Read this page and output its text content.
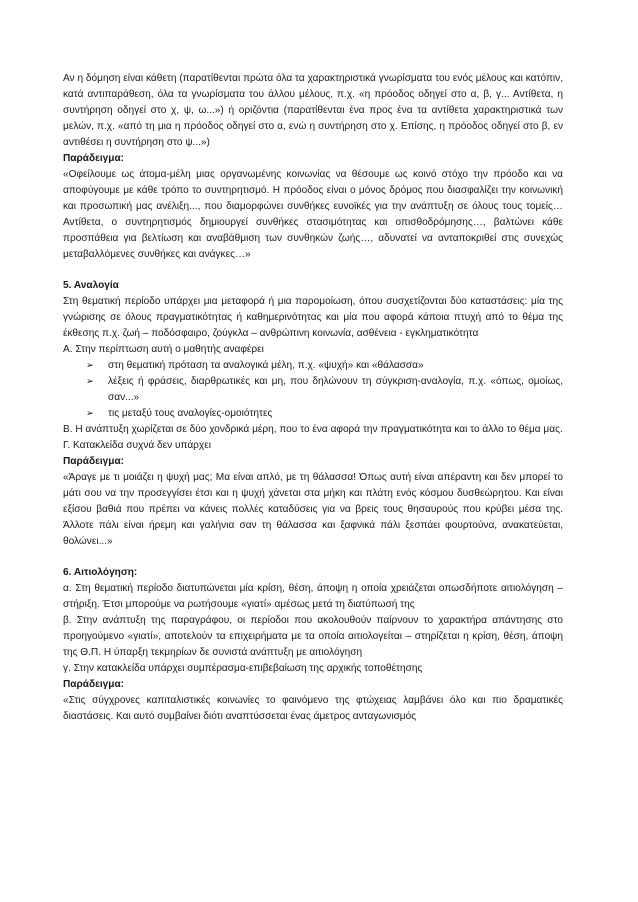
Αν η δόμηση είναι κάθετη (παρατίθενται πρώτα όλα τα χαρακτηριστικά γνωρίσματα του ενός μέλους και κατόπιν, κατά αντιπαράθεση, όλα τα γνωρίσματα του άλλου μέλους, π.χ. «η πρόοδος οδηγεί στο α, β, γ... Αντίθετα, η συντήρηση οδηγεί στο χ, ψ, ω...») ή οριζόντια (παρατίθενται ένα προς ένα τα αντίθετα χαρακτηριστικά των μελών, π.χ. «από τη μια η πρόοδος οδηγεί στο α, ενώ η συντήρηση στο χ. Επίσης, η πρόοδος οδηγεί στο β, εν αντιθέσει η συντήρηση στο ψ...»)

Παράδειγμα:

«Οφείλουμε ως άτομα-μέλη μιας οργανωμένης κοινωνίας να θέσουμε ως κοινό στόχο την πρόοδο και να αποφύγουμε με κάθε τρόπο το συντηρητισμό. Η πρόοδος είναι ο μόνος δρόμος που διασφαλίζει την κοινωνική και προσωπική μας ανέλιξη..., που διαμορφώνει συνθήκες ευνοϊκές για την ανάπτυξη σε όλους τους τομείς… Αντίθετα, ο συντηρητισμός δημιουργεί συνθήκες στασιμότητας και οπισθοδρόμησης…, βαλτώνει κάθε προσπάθεια για βελτίωση και αναβάθμιση των συνθηκών ζωής…, αδυνατεί να ανταποκριθεί στις συνεχώς μεταβαλλόμενες συνθήκες και ανάγκες…»

5. Αναλογία

Στη θεματική περίοδο υπάρχει μια μεταφορά ή μια παρομοίωση, όπου συσχετίζονται δύο καταστάσεις: μία της γνώρισης σε όλους πραγματικότητας ή καθημερινότητας και μία που αφορά κάποια πτυχή από το θέμα της έκθεσης π.χ. ζωή – ποδόσφαιρο, ζούγκλα – ανθρώπινη κοινωνία, ασθένεια - εγκληματικότητα

Α. Στην περίπτωση αυτή ο μαθητής αναφέρει

➢	στη θεματική πρόταση τα αναλογικά μέλη, π.χ. «ψυχή» και «θάλασσα»
➢	λέξεις ή φράσεις, διαρθρωτικές και μη, που δηλώνουν τη σύγκριση-αναλογία, π.χ. «όπως, ομοίως, σαν...»
➢	τις μεταξύ τους αναλογίες-ομοιότητες

Β. Η ανάπτυξη χωρίζεται σε δύο χονδρικά μέρη, που το ένα αφορά την πραγματικότητα και το άλλο το θέμα μας.

Γ. Κατακλείδα συχνά δεν υπάρχει

Παράδειγμα:

«Άραγε με τι μοιάζει η ψυχή μας; Μα είναι απλό, με τη θάλασσα! Όπως αυτή είναι απέραντη και δεν μπορεί το μάτι σου να την προσεγγίσει έτσι και η ψυχή χάνεται στα μήκη και πλάτη ενός κόσμου δυσθεώρητου. Και είναι εξίσου βαθιά που πρέπει να κάνεις πολλές καταδύσεις για να βρεις τους θησαυρούς που κρύβει μέσα της. Άλλοτε πάλι είναι ήρεμη και γαλήνια σαν τη θάλασσα και ξαφνικά πάλι ξεσπάει φουρτούνα, ανακατεύεται, θολώνει...»

6. Αιτιολόγηση:

α. Στη θεματική περίοδο διατυπώνεται μία κρίση, θέση, άποψη η οποία χρειάζεται οπωσδήποτε αιτιολόγηση – στήριξη. Έτσι μπορούμε να ρωτήσουμε «γιατί» αμέσως μετά τη διατύπωσή της

β. Στην ανάπτυξη της παραγράφου, οι περίοδοι που ακολουθούν παίρνουν το χαρακτήρα απάντησης στο προηγούμενο «γιατί», αποτελούν τα επιχειρήματα με τα οποία αιτιολογείται – στηρίζεται η κρίση, θέση, άποψη της Θ.Π. Η ύπαρξη τεκμηρίων δε συνιστά ανάπτυξη με αιτιολόγηση

γ. Στην κατακλείδα υπάρχει συμπέρασμα-επιβεβαίωση της αρχικής τοποθέτησης

Παράδειγμα:

«Στις σύγχρονες καπιταλιστικές κοινωνίες το φαινόμενο της φτώχειας λαμβάνει όλο και πιο δραματικές διαστάσεις. Και αυτό συμβαίνει διότι αναπτύσσεται ένας άμετρος ανταγωνισμός
